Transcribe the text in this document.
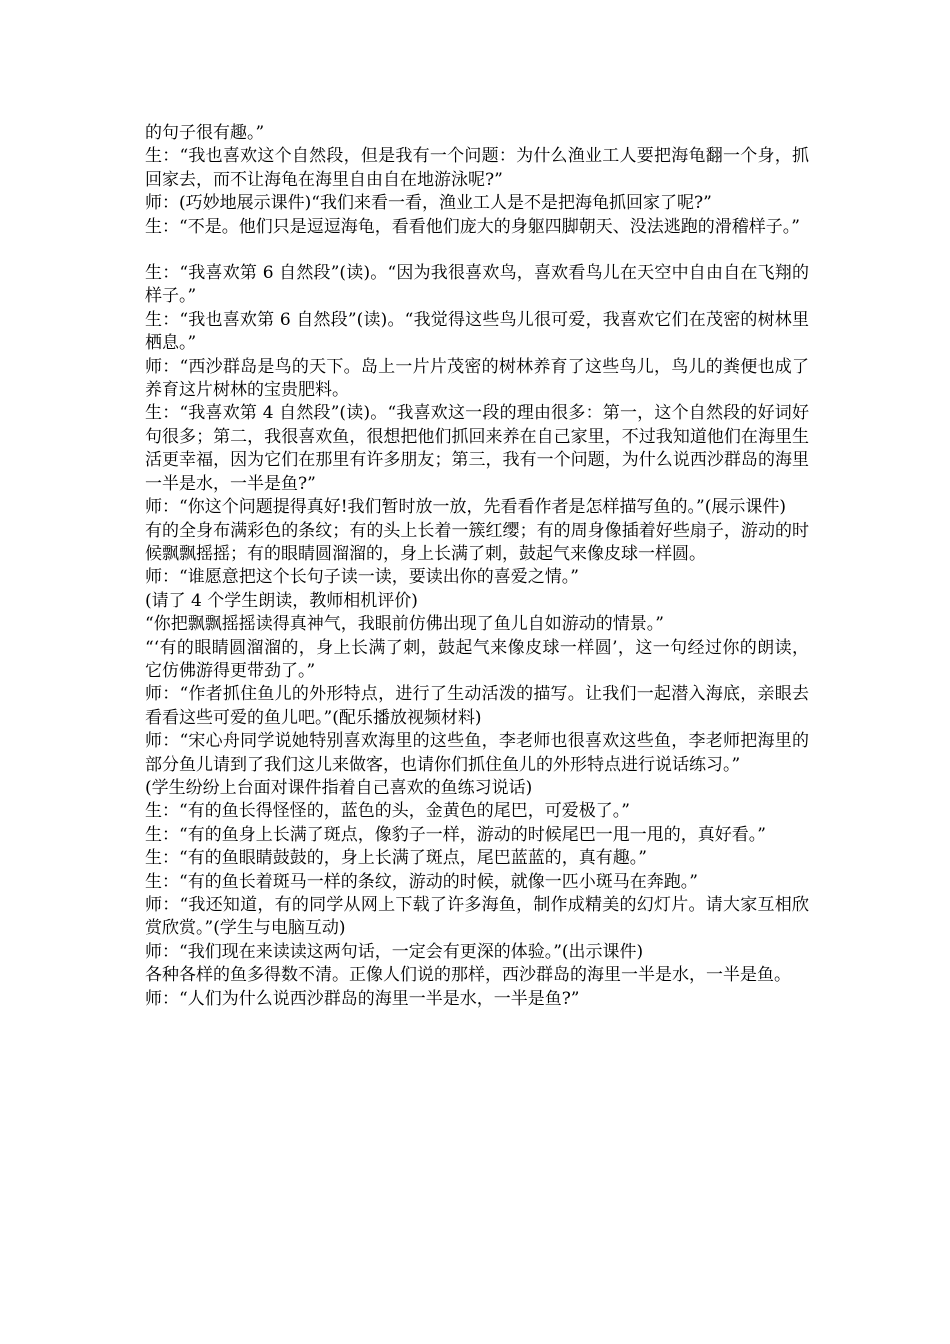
的句子很有趣。”

生：“我也喜欢这个自然段，但是我有一个问题：为什么渔业工人要把海龟翻一个身，抓回家去，而不让海龟在海里自由自在地游泳呢?”

师：(巧妙地展示课件)“我们来看一看，渔业工人是不是把海龟抓回家了呢?”

生：“不是。他们只是逗逗海龟，看看他们庞大的身躯四脚朝天、没法逃跑的滑稽样子。”

生：“我喜欢第 6 自然段”(读)。“因为我很喜欢鸟，喜欢看鸟儿在天空中自由自在飞翔的样子。”

生：“我也喜欢第 6 自然段”(读)。“我觉得这些鸟儿很可爱，我喜欢它们在茂密的树林里栖息。”

师：“西沙群岛是鸟的天下。岛上一片片茂密的树林养育了这些鸟儿，鸟儿的粪便也成了养育这片树林的宝贵肥料。

生：“我喜欢第 4 自然段”(读)。“我喜欢这一段的理由很多：第一，这个自然段的好词好句很多；第二，我很喜欢鱼，很想把他们抓回来养在自己家里，不过我知道他们在海里生活更幸福，因为它们在那里有许多朋友；第三，我有一个问题，为什么说西沙群岛的海里一半是水，一半是鱼?”

师：“你这个问题提得真好!我们暂时放一放，先看看作者是怎样描写鱼的。”(展示课件)

有的全身布满彩色的条纹；有的头上长着一簇红缨；有的周身像插着好些扇子，游动的时候飘飘摇摇；有的眼睛圆溜溜的，身上长满了刺，鼓起气来像皮球一样圆。

师：“谁愿意把这个长句子读一读，要读出你的喜爱之情。”

(请了 4 个学生朗读，教师相机评价)

“你把飘飘摇摇读得真神气，我眼前仿佛出现了鱼儿自如游动的情景。”

“‘有的眼睛圆溜溜的，身上长满了刺，鼓起气来像皮球一样圆’，这一句经过你的朗读，它仿佛游得更带劲了。”

师：“作者抓住鱼儿的外形特点，进行了生动活泼的描写。让我们一起潜入海底，亲眼去看看这些可爱的鱼儿吧。”(配乐播放视频材料)

师：“宋心舟同学说她特别喜欢海里的这些鱼，李老师也很喜欢这些鱼，李老师把海里的部分鱼儿请到了我们这儿来做客，也请你们抓住鱼儿的外形特点进行说话练习。”

(学生纷纷上台面对课件指着自己喜欢的鱼练习说话)

生：“有的鱼长得怪怪的，蓝色的头，金黄色的尾巴，可爱极了。”

生：“有的鱼身上长满了斑点，像豹子一样，游动的时候尾巴一甩一甩的，真好看。”

生：“有的鱼眼睛鼓鼓的，身上长满了斑点，尾巴蓝蓝的，真有趣。”

生：“有的鱼长着斑马一样的条纹，游动的时候，就像一匹小斑马在奔跑。”

师：“我还知道，有的同学从网上下载了许多海鱼，制作成精美的幻灯片。请大家互相欣赏欣赏。”(学生与电脑互动)

师：“我们现在来读读这两句话，一定会有更深的体验。”(出示课件)

各种各样的鱼多得数不清。正像人们说的那样，西沙群岛的海里一半是水，一半是鱼。

师：“人们为什么说西沙群岛的海里一半是水，一半是鱼?”
